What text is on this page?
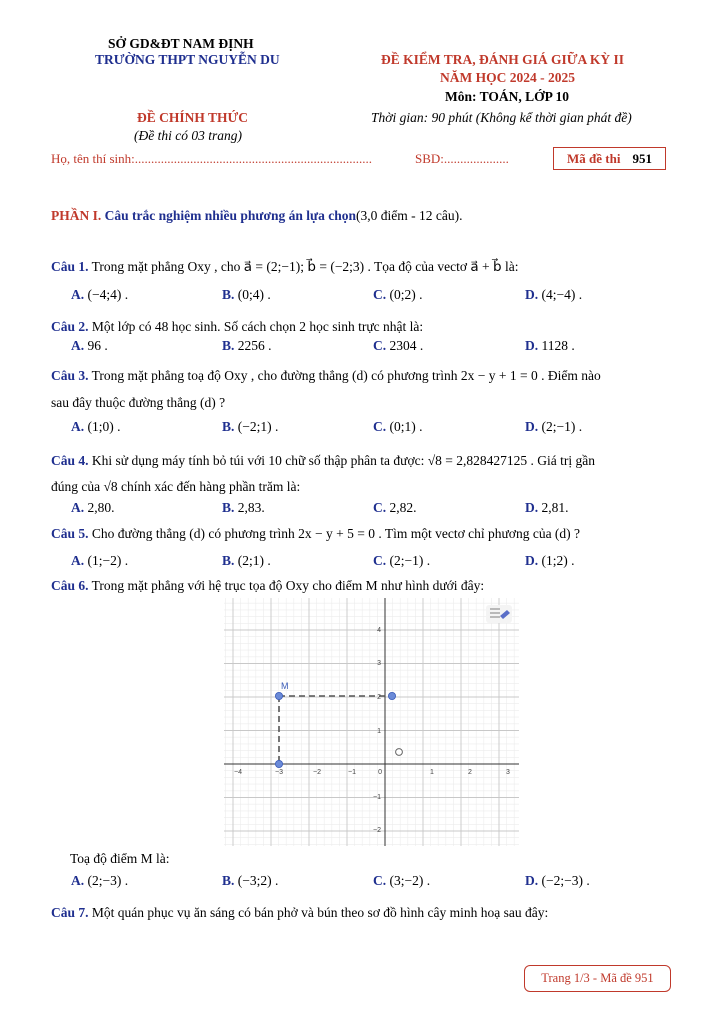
SỞ GD&ĐT NAM ĐỊNH
TRƯỜNG THPT NGUYỄN DU	ĐỀ KIỂM TRA, ĐÁNH GIÁ GIỮA KỲ II
NĂM HỌC 2024 - 2025
Môn: TOÁN, LỚP 10
ĐỀ CHÍNH THỨC	Thời gian: 90 phút (Không kể thời gian phát đề)
(Đề thi có 03 trang)
Họ, tên thí sinh:.........................................................................	SBD:....................	Mã đề thi 951
PHẦN I. Câu trắc nghiệm nhiều phương án lựa chọn(3,0 điểm - 12 câu).
Câu 1. Trong mặt phẳng Oxy , cho a⃗ = (2;−1); b⃗ = (−2;3) . Tọa độ của vectơ a⃗ + b⃗ là:
A. (−4;4) .	B. (0;4) .	C. (0;2) .	D. (4;−4) .
Câu 2. Một lớp có 48 học sinh. Số cách chọn 2 học sinh trực nhật là:
A. 96 .	B. 2256 .	C. 2304 .	D. 1128 .
Câu 3. Trong mặt phẳng toạ độ Oxy , cho đường thẳng (d) có phương trình 2x − y + 1 = 0 . Điểm nào
sau đây thuộc đường thẳng (d) ?
A. (1;0) .	B. (−2;1) .	C. (0;1) .	D. (2;−1) .
Câu 4. Khi sử dụng máy tính bỏ túi với 10 chữ số thập phân ta được: √8 = 2,828427125 . Giá trị gần
đúng của √8 chính xác đến hàng phần trăm là:
A. 2,80.	B. 2,83.	C. 2,82.	D. 2,81.
Câu 5. Cho đường thẳng (d) có phương trình 2x − y + 5 = 0 . Tìm một vectơ chỉ phương của (d) ?
A. (1;−2) .	B. (2;1) .	C. (2;−1) .	D. (1;2) .
Câu 6. Trong mặt phẳng với hệ trục tọa độ Oxy cho điểm M như hình dưới đây:
−4	−3	−2	−1	0	1	2	3
4
3
2
1
−1
−2
M
Toạ độ điểm M là:
A. (2;−3) .	B. (−3;2) .	C. (3;−2) .	D. (−2;−3) .
Câu 7. Một quán phục vụ ăn sáng có bán phở và bún theo sơ đồ hình cây minh hoạ sau đây:
Trang 1/3 - Mã đề 951
